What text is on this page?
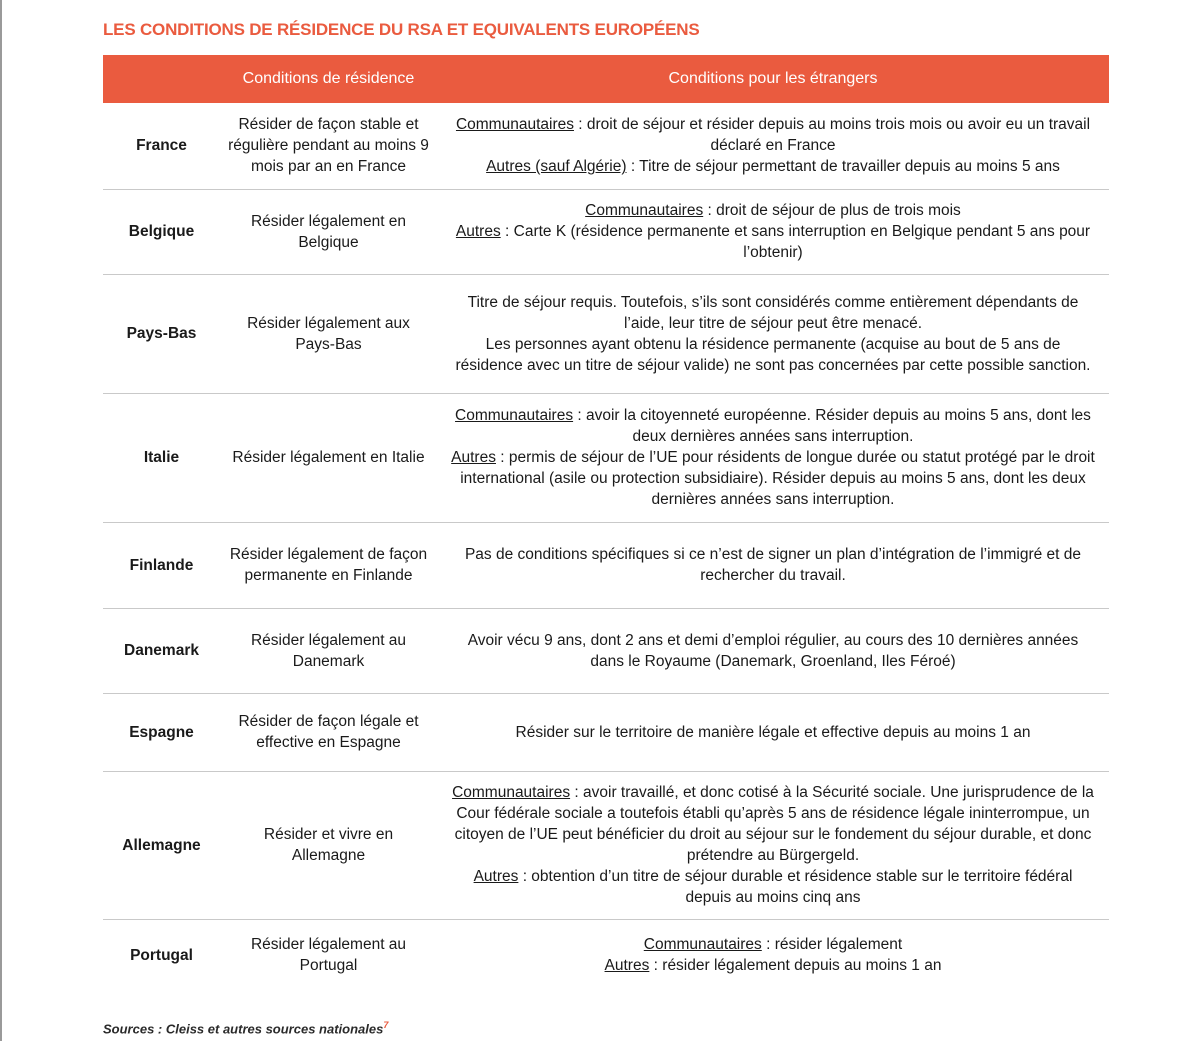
LES CONDITIONS DE RÉSIDENCE DU RSA ET EQUIVALENTS EUROPÉENS
	Conditions de résidence	Conditions pour les étrangers
France	Résider de façon stable et régulière pendant au moins 9 mois par an en France	Communautaires : droit de séjour et résider depuis au moins trois mois ou avoir eu un travail déclaré en France
Autres (sauf Algérie) : Titre de séjour permettant de travailler depuis au moins 5 ans

Belgique	Résider légalement en Belgique	Communautaires : droit de séjour de plus de trois mois
Autres : Carte K (résidence permanente et sans interruption en Belgique pendant 5 ans pour l’obtenir)

Pays-Bas	Résider légalement aux Pays-Bas	Titre de séjour requis. Toutefois, s’ils sont considérés comme entièrement dépendants de l’aide, leur titre de séjour peut être menacé.
Les personnes ayant obtenu la résidence permanente (acquise au bout de 5 ans de résidence avec un titre de séjour valide) ne sont pas concernées par cette possible sanction.

Italie	Résider légalement en Italie	Communautaires : avoir la citoyenneté européenne. Résider depuis au moins 5 ans, dont les deux dernières années sans interruption.
Autres : permis de séjour de l’UE pour résidents de longue durée ou statut protégé par le droit international (asile ou protection subsidiaire). Résider depuis au moins 5 ans, dont les deux dernières années sans interruption.

Finlande	Résider légalement de façon permanente en Finlande	Pas de conditions spécifiques si ce n’est de signer un plan d’intégration de l’immigré et de rechercher du travail.

Danemark	Résider légalement au Danemark	Avoir vécu 9 ans, dont 2 ans et demi d’emploi régulier, au cours des 10 dernières années dans le Royaume (Danemark, Groenland, Iles Féroé)

Espagne	Résider de façon légale et effective en Espagne	Résider sur le territoire de manière légale et effective depuis au moins 1 an

Allemagne	Résider et vivre en Allemagne	Communautaires : avoir travaillé, et donc cotisé à la Sécurité sociale. Une jurisprudence de la Cour fédérale sociale a toutefois établi qu’après 5 ans de résidence légale ininterrompue, un citoyen de l’UE peut bénéficier du droit au séjour sur le fondement du séjour durable, et donc prétendre au Bürgergeld.
Autres : obtention d’un titre de séjour durable et résidence stable sur le territoire fédéral depuis au moins cinq ans

Portugal	Résider légalement au Portugal	Communautaires : résider légalement
Autres : résider légalement depuis au moins 1 an
Sources : Cleiss et autres sources nationales$^7$
